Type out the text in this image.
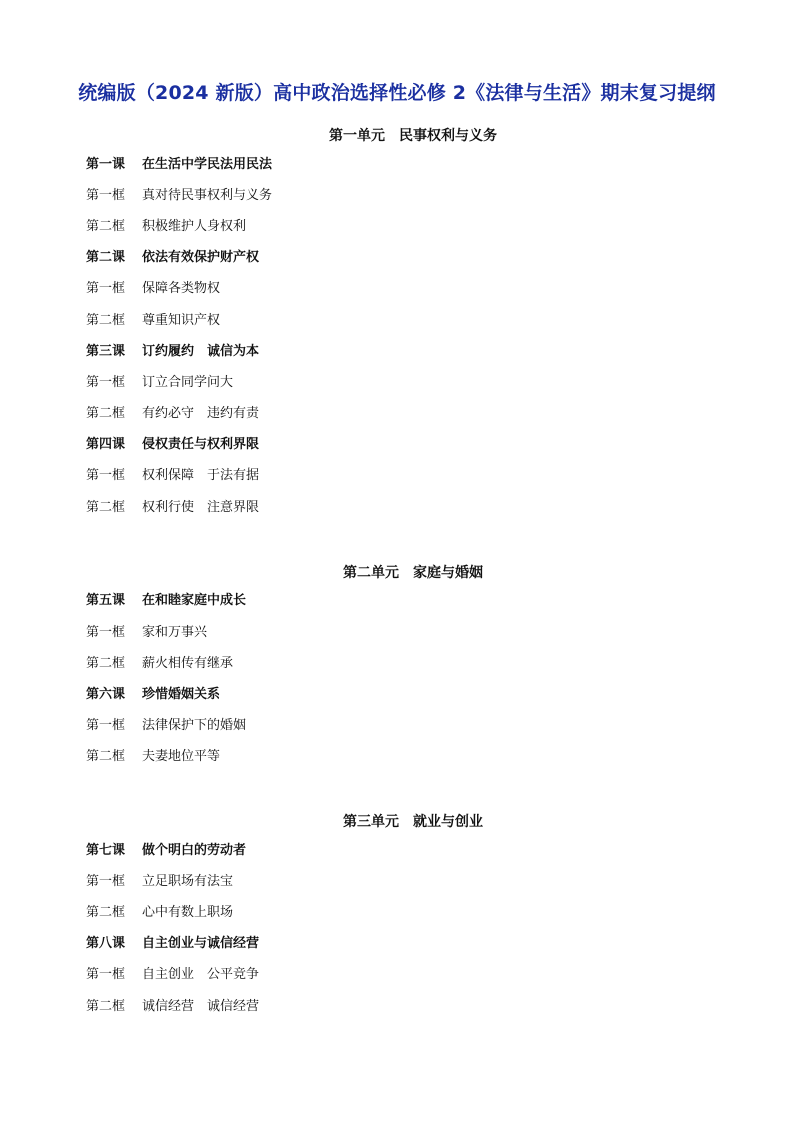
统编版（2024 新版）高中政治选择性必修 2《法律与生活》期末复习提纲
第一单元　民事权利与义务
第一课 在生活中学民法用民法
第一框 真对待民事权利与义务
第二框 积极维护人身权利
第二课 依法有效保护财产权
第一框 保障各类物权
第二框 尊重知识产权
第三课 订约履约　诚信为本
第一框 订立合同学问大
第二框 有约必守　违约有责
第四课 侵权责任与权利界限
第一框 权利保障　于法有据
第二框 权利行使　注意界限
第二单元　家庭与婚姻
第五课 在和睦家庭中成长
第一框 家和万事兴
第二框 薪火相传有继承
第六课 珍惜婚姻关系
第一框 法律保护下的婚姻
第二框 夫妻地位平等
第三单元　就业与创业
第七课 做个明白的劳动者
第一框 立足职场有法宝
第二框 心中有数上职场
第八课 自主创业与诚信经营
第一框 自主创业　公平竞争
第二框 诚信经营　诚信经营
